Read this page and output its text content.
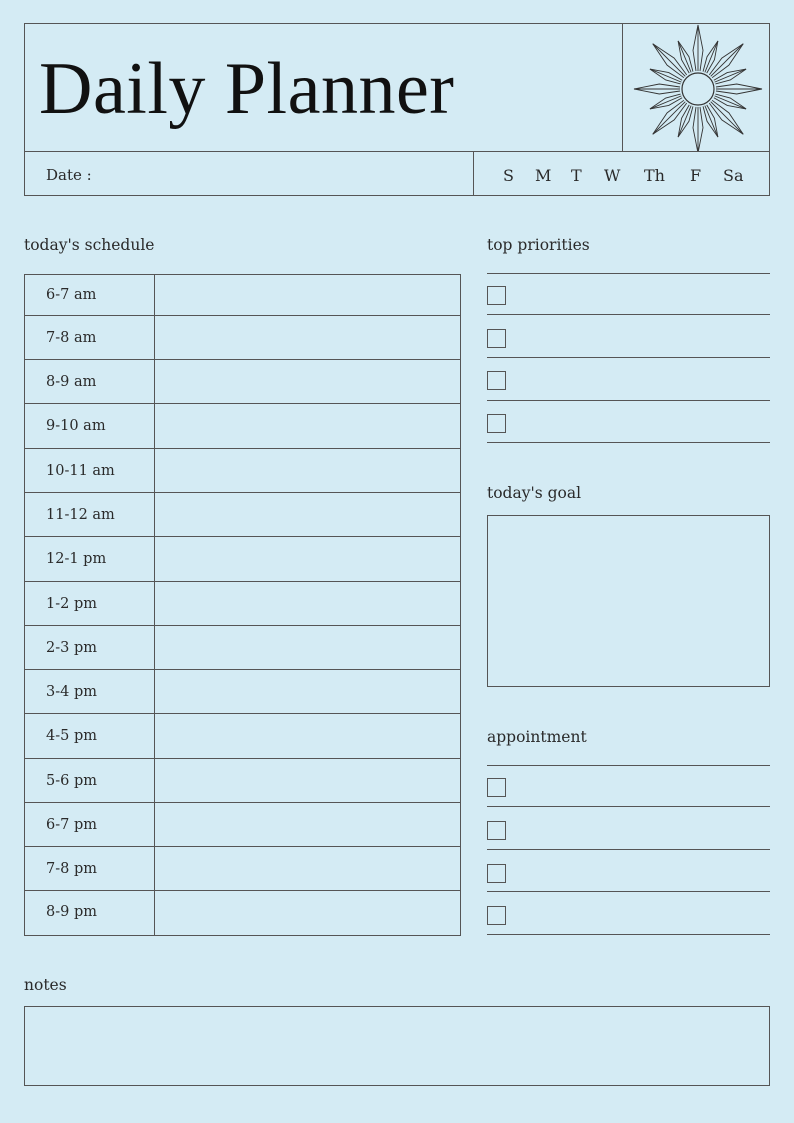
Daily Planner
Date :	S M T W Th F Sa
today's schedule	top priorities
today's goal
appointment
notes
6-7 am
7-8 am
8-9 am
9-10 am
10-11 am
11-12 am
12-1 pm
1-2 pm
2-3 pm
3-4 pm
4-5 pm
5-6 pm
6-7 pm
7-8 pm
8-9 pm
